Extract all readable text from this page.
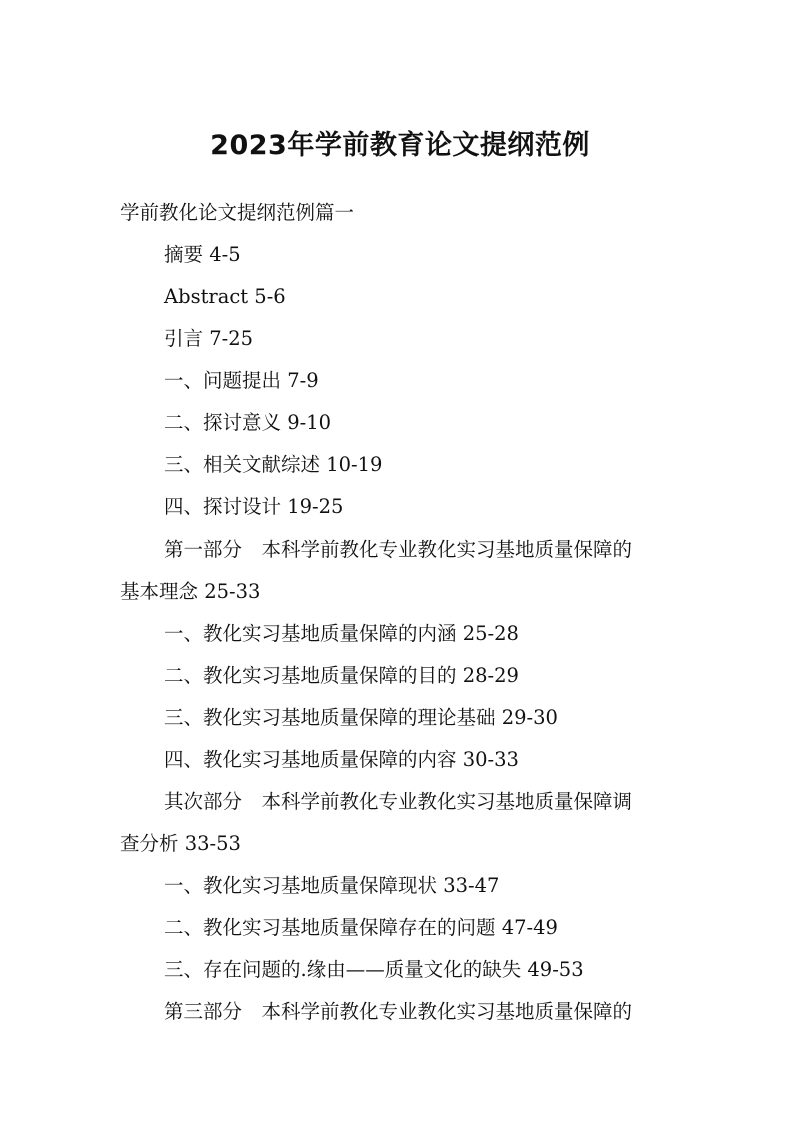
2023年学前教育论文提纲范例
学前教化论文提纲范例篇一
摘要 4-5
Abstract 5-6
引言 7-25
一、问题提出 7-9
二、探讨意义 9-10
三、相关文献综述 10-19
四、探讨设计 19-25
第一部分　本科学前教化专业教化实习基地质量保障的
基本理念 25-33
一、教化实习基地质量保障的内涵 25-28
二、教化实习基地质量保障的目的 28-29
三、教化实习基地质量保障的理论基础 29-30
四、教化实习基地质量保障的内容 30-33
其次部分　本科学前教化专业教化实习基地质量保障调
查分析 33-53
一、教化实习基地质量保障现状 33-47
二、教化实习基地质量保障存在的问题 47-49
三、存在问题的.缘由——质量文化的缺失 49-53
第三部分　本科学前教化专业教化实习基地质量保障的
